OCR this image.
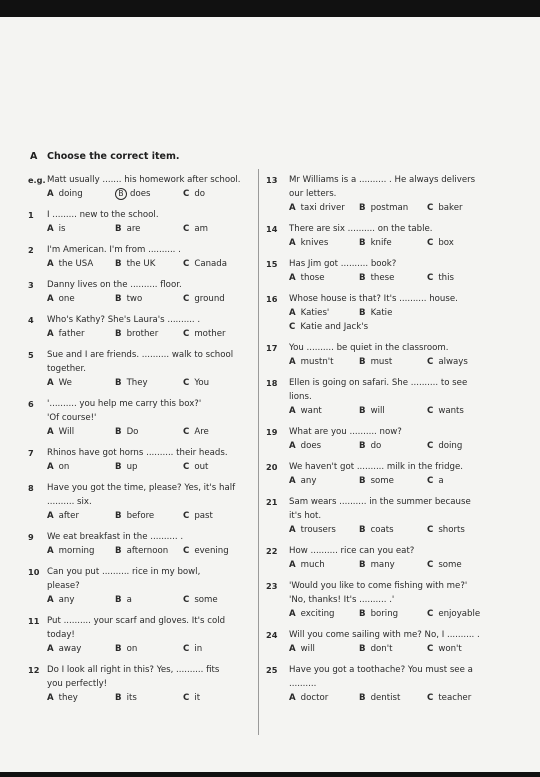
A Choose the correct item.
e.g. Matt usually ....... his homework after school.
A doing	B does	C do
1	I ......... new to the school.
A is	B are	C am
2	I'm American. I'm from .......... .
A the USA	B the UK	C Canada
3	Danny lives on the .......... floor.
A one	B two	C ground
4	Who's Kathy? She's Laura's .......... .
A father	B brother	C mother
5	Sue and I are friends. .......... walk to school
together.
A We	B They	C You
6	'.......... you help me carry this box?'
'Of course!'
A Will	B Do	C Are
7	Rhinos have got horns .......... their heads.
A on	B up	C out
8	Have you got the time, please? Yes, it's half
.......... six.
A after	B before	C past
9	We eat breakfast in the .......... .
A morning B afternoon C evening
10 Can you put .......... rice in my bowl,
please?
A any	B a	C some
11 Put .......... your scarf and gloves. It's cold
today!
A away	B on	C in
12 Do I look all right in this? Yes, .......... fits
you perfectly!
A they	B its	C it
13	Mr Williams is a .......... . He always delivers
our letters.
A taxi driver B postman C baker
14	There are six .......... on the table.
A knives	B knife	C box
15	Has Jim got .......... book?
A those	B these	C this
16	Whose house is that? It's .......... house.
A Katies'	B Katie
C Katie and Jack's
17	You .......... be quiet in the classroom.
A mustn't	B must	C always
18	Ellen is going on safari. She .......... to see
lions.
A want	B will	C wants
19	What are you .......... now?
A does	B do	C doing
20	We haven't got .......... milk in the fridge.
A any	B some	C a
21	Sam wears .......... in the summer because
it's hot.
A trousers	B coats	C shorts
22	How .......... rice can you eat?
A much	B many	C some
23	'Would you like to come fishing with me?'
'No, thanks! It's .......... .'
A exciting	B boring	C enjoyable
24	Will you come sailing with me? No, I .......... .
A will	B don't	C won't
25	Have you got a toothache? You must see a
..........
A doctor	B dentist	C teacher
